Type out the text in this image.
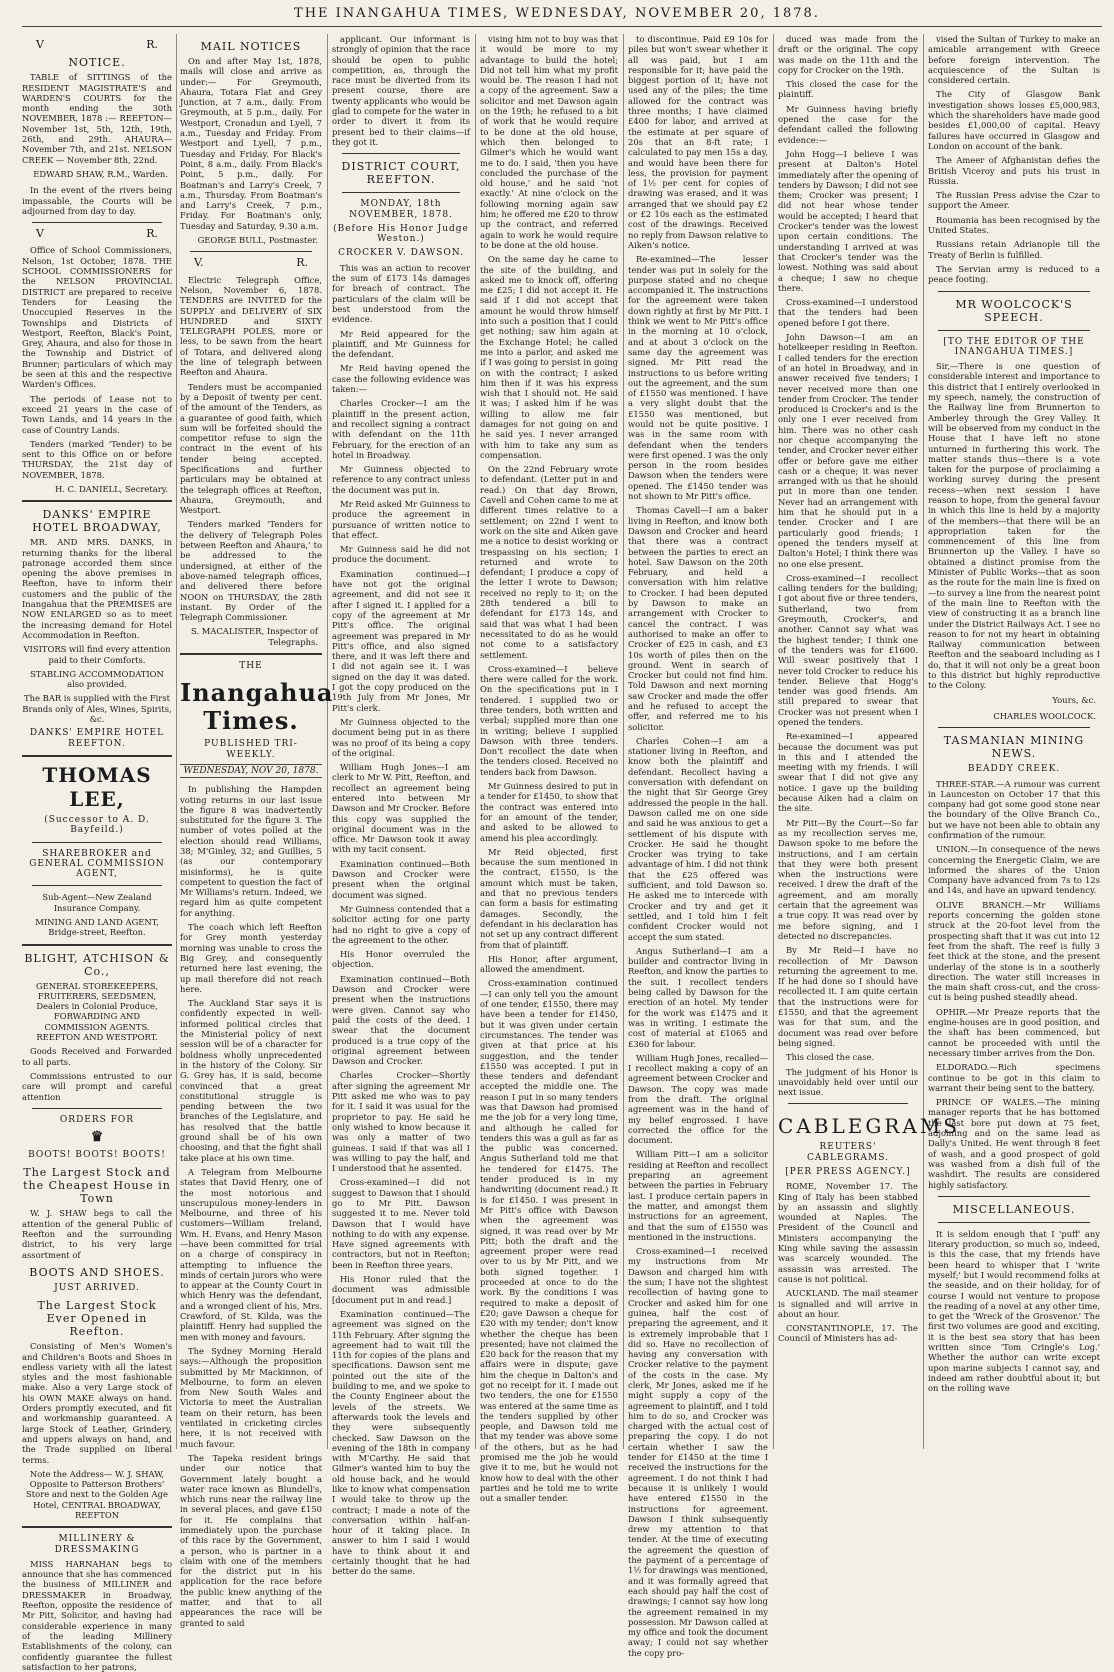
THE INANGAHUA TIMES, WEDNESDAY, NOVEMBER 20, 1878.
V	R.
NOTICE.

TABLE of SITTINGS of the RESIDENT MAGISTRATE'S and WARDEN'S COURTS for the month ending the 30th NOVEMBER, 1878 :— REEFTON—November 1st, 5th, 12th, 19th, 26th, and 29th. AHAURA—November 7th, and 21st. NELSON CREEK — November 8th, 22nd.

EDWARD SHAW, R.M., Warden.

In the event of the rivers being impassable, the Courts will be adjourned from day to day.

V	R.

Office of School Commissioners, Nelson, 1st October, 1878. THE SCHOOL COMMISSIONERS for the NELSON PROVINCIAL DISTRICT are prepared to receive Tenders for Leasing the Unoccupied Reserves in the Townships and Districts of Westport, Reefton, Black's Point, Grey, Ahaura, and also for those in the Township and District of Brunner; particulars of which may be seen at this and the respective Warden's Offices.

The periods of Lease not to exceed 21 years in the case of Town Lands, and 14 years in the case of Country Lands.

Tenders (marked 'Tender) to be sent to this Office on or before THURSDAY, the 21st day of NOVEMBER, 1878.

H. C. DANIELL, Secretary.
DANKS' EMPIRE HOTEL BROADWAY,

MR. AND MRS. DANKS, in returning thanks for the liberal patronage accorded them since opening the above premises in Reefton, have to inform their customers and the public of the Inangahua that the PREMISES are NOW ENLARGED so as to meet the increasing demand for Hotel Accommodation in Reefton.

VISITORS will find every attention paid to their Comforts.

STABLING ACCOMMODATION also provided.

The BAR is supplied with the First Brands only of Ales, Wines, Spirits, &c.

DANKS' EMPIRE HOTEL REEFTON.
THOMAS LEE,
(Successor to A. D. Bayfeild.)
SHAREBROKER and GENERAL COMMISSION AGENT,

Sub-Agent—New Zealand Insurance Company.

MINING AND LAND AGENT, Bridge-street, Reefton.

BLIGHT, ATCHISON & Co.,

GENERAL STOREKEEPERS, FRUITERERS, SEEDSMEN, Dealers in Colonial Produce, FORWARDING AND COMMISSION AGENTS. REEFTON AND WESTPORT.

Goods Received and Forwarded to all parts.

Commissions entrusted to our care will prompt and careful attention

ORDERS FOR
♛
BOOTS! BOOTS! BOOTS!
The Largest Stock and the Cheapest House in Town

W. J. SHAW begs to call the attention of the general Public of Reefton and the surrounding district, to his very large assortment of

BOOTS AND SHOES.
JUST ARRIVED.
The Largest Stock Ever Opened in Reefton.

Consisting of Men's Women's and Children's Boots and Shoes in endless variety with all the latest styles and the most fashionable make. Also a very Large stock of his OWN MAKE always on hand. Orders promptly executed, and fit and workmanship guaranteed. A large Stock of Leather, Grindery, and uppers always on hand, and the Trade supplied on liberal terms.

Note the Address— W. J. SHAW, Opposite to Patterson Brothers' Store and next to the Golden Age Hotel, CENTRAL BROADWAY, REEFTON

MILLINERY & DRESSMAKING

MISS HARNAHAN begs to announce that she has commenced the business of MILLINER and DRESSMAKER in Broadway, Reefton, opposite the residence of Mr Pitt, Solicitor, and having had considerable experience in many of the leading Millinery Establishments of the colony, can confidently guarantee the fullest satisfaction to her patrons,

MAIL NOTICES

On and after May 1st, 1878, mails will close and arrive as under:— For Greymouth, Ahaura, Totara Flat and Grey Junction, at 7 a.m., daily. From Greymouth, at 5 p.m., daily. For Westport, Cronadun and Lyell, 7 a.m., Tuesday and Friday. From Westport and Lyell, 7 p.m., Tuesday and Friday. For Black's Point, 8 a.m., daily. From Black's Point, 5 p.m., daily. For Boatman's and Larry's Creek, 7 a.m., Thursday. From Boatman's and Larry's Creek, 7 p.m., Friday. For Boatman's only, Tuesday and Saturday, 9.30 a.m.

GEORGE BULL, Postmaster.
V.	R.

Electric Telegraph Office, Nelson, November 6, 1878. TENDERS are INVITED for the SUPPLY and DELIVERY of SIX HUNDRED and SIXTY TELEGRAPH POLES, more or less, to be sawn from the heart of Totara, and delivered along the line of telegraph between Reefton and Ahaura.

Tenders must be accompanied by a Deposit of twenty per cent. of the amount of the Tenders, as a guarantee of good faith, which sum will be forfeited should the competitor refuse to sign the contract in the event of his tender being accepted. Specifications and further particulars may be obtained at the telegraph offices at Reefton, Ahaura, Greymouth, and Westport.

Tenders marked 'Tenders for the delivery of Telegraph Poles between Reefton and Ahaura,' to be addressed to the undersigned, at either of the above-named telegraph offices, and delivered there before NOON on THURSDAY, the 28th instant. By Order of the Telegraph Commissioner.

S. MACALISTER, Inspector of Telegraphs.
THE
Inangahua Times.
PUBLISHED TRI-WEEKLY.
WEDNESDAY, NOV 20, 1878.

In publishing the Hampden voting returns in our last issue the figure 8 was inadvertently substituted for the figure 3. The number of votes polled at the election should read Williams, 38; M'Ginley, 32; and Guillies, 5 (as our contemporary misinforms), he is quite competent to question the fact of Mr Williams's return. Indeed, we regard him as quite competent for anything.

The coach which left Reefton for Grey month yesterday morning was unable to cross the Big Grey, and consequently returned here last evening, the up mail therefore did not reach here.

The Auckland Star says it is confidently expected in well-informed political circles that the Ministerial policy of next session will be of a character for boldness wholly unprecedented in the history of the Colony. Sir G. Grey has, it is said, become convinced that a great constitutional struggle is pending between the two branches of the Legislature, and has resolved that the battle ground shall be of his own choosing, and that the fight shall take place at his own time.

A Telegram from Melbourne states that David Henry, one of the most notorious and unscrupulous money-lenders in Melbourne, and three of his customers—William Ireland, Wm. H. Evans, and Henry Mason—have been committed for trial on a charge of conspiracy in attempting to influence the minds of certain jurors who were to appear at the County Court in which Henry was the defendant, and a wronged client of his, Mrs. Crawford, of St. Kilda, was the plaintiff. Henry had supplied the men with money and favours.

The Sydney Morning Herald says:—Although the proposition submitted by Mr Mackinnon, of Melbourne, to form an eleven from New South Wales and Victoria to meet the Australian team on their return, has been ventilated in cricketing circles here, it is not received with much favour.

The Tapeka resident brings under our notice that Government lately bought a water race known as Blundell's, which runs near the railway line in several places, and gave £150 for it. He complains that immediately upon the purchase of this race by the Government, a person, who is partner in a claim with one of the members for the district put in his application for the race before the public knew anything of the matter, and that to all appearances the race will be granted to said

applicant. Our informant is strongly of opinion that the race should be open to public competition, as, through the race must be diverted from its present course, there are twenty applicants who would be glad to compete for the water in order to divert it from its present bed to their claims—if they got it.

DISTRICT COURT, REEFTON.
MONDAY, 18th NOVEMBER, 1878.
(Before His Honor Judge Weston.)
CROCKER V. DAWSON.

This was an action to recover the sum of £173 14s damages for breach of contract. The particulars of the claim will be best understood from the evidence.

Mr Reid appeared for the plaintiff, and Mr Guinness for the defendant.

Mr Reid having opened the case the following evidence was taken:—

Charles Crocker—I am the plaintiff in the present action, and recollect signing a contract with defendant on the 11th February, for the erection of an hotel in Broadway.

Mr Guinness objected to reference to any contract unless the document was put in.

Mr Reid asked Mr Guinness to produce the agreement in pursuance of written notice to that effect.

Mr Guinness said he did not produce the document.

Examination continued—I have not got the original agreement, and did not see it after I signed it. I applied for a copy of the agreement at Mr Pitt's office. The original agreement was prepared in Mr Pitt's office, and also signed there, and it was left there and I did not again see it. I was signed on the day it was dated. I got the copy produced on the 19th July from Mr Jones, Mr Pitt's clerk.

Mr Guinness objected to the document being put in as there was no proof of its being a copy of the original.

William Hugh Jones—I am clerk to Mr W. Pitt, Reefton, and recollect an agreement being entered into between Mr Dawson and Mr Crocker. Before this copy was supplied the original document was in the office. Mr Dawson took it away with my tacit consent.

Examination continued—Both Dawson and Crocker were present when the original document was signed.

Mr Guinness contended that a solicitor acting for one party had no right to give a copy of the agreement to the other.

His Honor overruled the objection.

Examination continued—Both Dawson and Crocker were present when the instructions were given. Cannot say who paid the costs of the deed. I swear that the document produced is a true copy of the original agreement between Dawson and Crocker.

Charles Crocker—Shortly after signing the agreement Mr Pitt asked me who was to pay for it. I said it was usual for the proprietor to pay. He said he only wished to know because it was only a matter of two guineas. I said if that was all I was willing to pay the half, and I understood that he assented.

Cross-examined—I did not suggest to Dawson that I should go to Mr Pitt. Dawson suggested it to me. Never told Dawson that I would have nothing to do with any expense. Have signed agreements with contractors, but not in Reefton; been in Reefton three years.

His Honor ruled that the document was admissible [document put in and read.]

Examination continued—The agreement was signed on the 11th February. After signing the agreement had to wait till the 11th for copies of the plans and specifications. Dawson sent me pointed out the site of the building to me, and we spoke to the County Engineer about the levels of the streets. We afterwards took the levels and they were subsequently checked. Saw Dawson on the evening of the 18th in company with M'Carthy. He said that Gilmer's wanted him to buy the old house back, and he would like to know what compensation I would take to throw up the contract; I made a note of the conversation within half-an-hour of it taking place. In answer to him I said I would have to think about it and certainly thought that he had better do the same.

vising him not to buy was that it would be more to my advantage to build the hotel; Did not tell him what my profit would be. The reason I had not a copy of the agreement. Saw a solicitor and met Dawson again on the 19th; he refused to a bit of work that he would require to be done at the old house, which then belonged to Gilmer's which he would want me to do. I said, 'then you have concluded the purchase of the old house,' and he said 'not exactly.' At nine o'clock on the following morning again saw him; he offered me £20 to throw up the contract, and referred again to work he would require to be done at the old house.

On the same day he came to the site of the building, and asked me to knock off, offering me £25; I did not accept it. He said if I did not accept that amount he would throw himself into such a position that I could get nothing; saw him again at the Exchange Hotel; he called me into a parlor, and asked me if I was going to persist in going on with the contract; I asked him then if it was his express wish that I should not. He said it was; I asked him if he was willing to allow me fair damages for not going on and he said yes. I never arranged with him to take any sum as compensation.

On the 22nd February wrote to defendant. (Letter put in and read.) On that day Brown, Cavell and Cohen came to me at different times relative to a settlement; on 22nd I went to work on the site and Aiken gave me a notice to desist working or trespassing on his section; I returned and wrote to defendant; I produce a copy of the letter I wrote to Dawson; received no reply to it; on the 28th tendered a bill to defendant for £173 14s, and said that was what I had been necessitated to do as he would not come to a satisfactory settlement.

Cross-examined—I believe there were called for the work. On the specifications put in I tendered. I supplied two or three tenders, both written and verbal; supplied more than one in writing; believe I supplied Dawson with three tenders. Don't recollect the date when the tenders closed. Received no tenders back from Dawson.

Mr Guinness desired to put in a tender for £1450, to show that the contract was entered into for an amount of the tender, and asked to be allowed to amend his plea accordingly.

Mr Reid objected, first because the sum mentioned in the contract, £1550, is the amount which must be taken, and that no previous tenders can form a basis for estimating damages. Secondly, the defendant in his declaration has not set up any contract different from that of plaintiff.

His Honor, after argument, allowed the amendment.

Cross-examination continued—I can only tell you the amount of one tender, £1550, there may have been a tender for £1450, but it was given under certain circumstances. The tender was given at that price at his suggestion, and the tender £1550 was accepted. I put in these tenders and defendant accepted the middle one. The reason I put in so many tenders was that Dawson had promised me the job for a very long time, and although he called for tenders this was a gull as far as the public was concerned. Angus Sutherland told me that he tendered for £1475. The tender produced is in my handwriting (document read.) It is for £1450. I was present in Mr Pitt's office with Dawson when the agreement was signed, it was read over by Mr Pitt; both the draft and the agreement proper were read over to us by Mr Pitt, and we both signed together. I proceeded at once to do the work. By the conditions I was required to make a deposit of £20; gave Dawson a cheque for £20 with my tender; don't know whether the cheque has been presented; have not claimed the £20 back for the reason that my affairs were in dispute; gave him the cheque in Dalton's and got no receipt for it. I made out two tenders, the one for £1550 was entered at the same time as the tenders supplied by other people, and Dawson told me that my tender was above some of the others, but as he had promised me the job he would give it to me, but he would not know how to deal with the other parties and he told me to write out a smaller tender.

to discontinue. Paid £9 10s for piles but won't swear whether it all was paid, but I am responsible for it; have paid the biggest portion of it; have not used any of the piles; the time allowed for the contract was three months; I have claimed £400 for labor, and arrived at the estimate at per square of 20s that an 8-ft rate; I calculated to pay men 15s a day, and would have been there for less, the provision for payment of 1½ per cent for copies of drawing was erased, and it was arranged that we should pay £2 or £2 10s each as the estimated cost of the drawings. Received no reply from Dawson relative to Aiken's notice.

Re-examined—The lesser tender was put in solely for the purpose stated and no cheque accompanied it. The instructions for the agreement were taken down rightly at first by Mr Pitt. I think we went to Mr Pitt's office in the morning at 10 o'clock, and at about 3 o'clock on the same day the agreement was signed. Mr Pitt read the instructions to us before writing out the agreement, and the sum of £1550 was mentioned. I have a very slight doubt that the £1550 was mentioned, but would not be quite positive. I was in the same room with defendant when the tenders were first opened. I was the only person in the room besides Dawson when the tenders were opened. The £1450 tender was not shown to Mr Pitt's office.

Thomas Cavell—I am a baker living in Reefton, and know both Dawson and Crocker and heard that there was a contract between the parties to erect an hotel. Saw Dawson on the 20th February, and held a conversation with him relative to Crocker. I had been deputed by Dawson to make an arrangement with Crocker to cancel the contract. I was authorised to make an offer to Crocker of £25 in cash, and £3 10s worth of piles then on the ground. Went in search of Crocker but could not find him. Told Dawson and next morning saw Crocker and made the offer and he refused to accept the offer, and referred me to his solicitor.

Charles Cohen—I am a stationer living in Reefton, and know both the plaintiff and defendant. Recollect having a conversation with defendant on the night that Sir George Grey addressed the people in the hall. Dawson called me on one side and said he was anxious to get a settlement of his dispute with Crocker. He said he thought Crocker was trying to take advantage of him. I did not think that the £25 offered was sufficient, and told Dawson so. He asked me to intercede with Crocker and try and get it settled, and I told him I felt confident Crocker would not accept the sum stated.

Angus Sutherland—I am a builder and contractor living in Reefton, and know the parties to the suit. I recollect tenders being called by Dawson for the erection of an hotel. My tender for the work was £1475 and it was in writing. I estimate the cost of material at £1065 and £360 for labour.

William Hugh Jones, recalled—I recollect making a copy of an agreement between Crocker and Dawson. The copy was made from the draft. The original agreement was in the hand of my belief engrossed. I have corrected the office for the document.

William Pitt—I am a solicitor residing at Reefton and recollect preparing an agreement between the parties in February last. I produce certain papers in the matter, and amongst them instructions for an agreement, and that the sum of £1550 was mentioned in the instructions.

Cross-examined—I received my instructions from Mr Dawson and charged him with the sum; I have not the slightest recollection of having gone to Crocker and asked him for one guinea, half the cost of preparing the agreement, and it is extremely improbable that I did so. Have no recollection of having any conversation with Crocker relative to the payment of the costs in the case. My clerk, Mr Jones, asked me if he might supply a copy of the agreement to plaintiff, and I told him to do so, and Crocker was charged with the actual cost of preparing the copy. I do not certain whether I saw the tender for £1450 at the time I received the instructions for the agreement. I do not think I had because it is unlikely I would have entered £1550 in the instructions for agreement. Dawson I think subsequently drew my attention to that tender. At the time of executing the agreement the question of the payment of a percentage of 1½ for drawings was mentioned, and it was formally agreed that each should pay half the cost of drawings; I cannot say how long the agreement remained in my possession. Mr Dawson called at my office and took the document away; I could not say whether the copy pro-

duced was made from the draft or the original. The copy was made on the 11th and the copy for Crocker on the 19th.

This closed the case for the plaintiff.

Mr Guinness having briefly opened the case for the defendant called the following evidence:—

John Hogg—I believe I was present at Dalton's Hotel immediately after the opening of tenders by Dawson; I did not see them; Crocker was present; I did not hear whose tender would be accepted; I heard that Crocker's tender was the lowest upon certain conditions. The understanding I arrived at was that Crocker's tender was the lowest. Nothing was said about a cheque; I saw no cheque there.

Cross-examined—I understood that the tenders had been opened before I got there.

John Dawson—I am an hotelkeeper residing in Reefton. I called tenders for the erection of an hotel in Broadway, and in answer received five tenders; I never received more than one tender from Crocker. The tender produced is Crocker's and is the only one I ever received from him. There was no other cash nor cheque accompanying the tender, and Crocker never either offer or before gave me either cash or a cheque; it was never arranged with us that he should put in more than one tender. Never had an arrangement with him that he should put in a tender. Crocker and I are particularly good friends; I opened the tenders myself at Dalton's Hotel; I think there was no one else present.

Cross-examined—I recollect calling tenders for the building; I got about five or three tenders, Sutherland, two from Greymouth, Crocker's, and another. Cannot say what was the highest tender; I think one of the tenders was for £1600. Will swear positively that I never told Crocker to reduce his tender. Believe that Hogg's tender was good friends. Am still prepared to swear that Crocker was not present when I opened the tenders.

Re-examined—I appeared because the document was put in this and I attended the meeting with my friends. I will swear that I did not give any notice. I gave up the building because Aiken had a claim on the site.

Mr Pitt—By the Court—So far as my recollection serves me, Dawson spoke to me before the instructions, and I am certain that they were both present when the instructions were received. I drew the draft of the agreement, and am morally certain that the agreement was a true copy. It was read over by me before signing, and I detected no discrepancies.

By Mr Reid—I have no recollection of Mr Dawson returning the agreement to me. If he had done so I should have recollected it. I am quite certain that the instructions were for £1550, and that the agreement was for that sum, and the document was read over before being signed.

This closed the case.

The judgment of his Honor is unavoidably held over until our next issue.

CABLEGRAMS
REUTERS' CABLEGRAMS.
[PER PRESS AGENCY.]

ROME, November 17. The King of Italy has been stabbed by an assassin and slightly wounded at Naples. The President of the Council and Ministers accompanying the King while saving the assassin was scarcely wounded. The assassin was arrested. The cause is not political.

AUCKLAND. The mail steamer is signalled and will arrive in about an hour.

CONSTANTINOPLE, 17. The Council of Ministers has ad-

vised the Sultan of Turkey to make an amicable arrangement with Greece before foreign intervention. The acquiescence of the Sultan is considered certain.

The City of Glasgow Bank investigation shows losses £5,000,983, which the shareholders have made good besides £1,000,00 of capital. Heavy failures have occurred in Glasgow and London on account of the bank.

The Ameer of Afghanistan defies the British Viceroy and puts his trust in Russia.

The Russian Press advise the Czar to support the Ameer.

Roumania has been recognised by the United States.

Russians retain Adrianople till the Treaty of Berlin is fulfilled.

The Servian army is reduced to a peace footing.

MR WOOLCOCK'S SPEECH.
[TO THE EDITOR OF THE INANGAHUA TIMES.]

Sir,—There is one question of considerable interest and importance to this district that I entirely overlooked in my speech, namely, the construction of the Railway line from Brunnerton to Amberley through the Grey Valley. It will be observed from my conduct in the House that I have left no stone unturned in furthering this work. The matter stands thus—there is a vote taken for the purpose of proclaiming a working survey during the present recess—when next session I have reason to hope, from the general favour in which this line is held by a majority of the members—that there will be an appropriation taken for the commencement of this line from Brunnerton up the Valley. I have so obtained a distinct promise from the Minister of Public Works—that as soon as the route for the main line is fixed on—to survey a line from the nearest point of the main line to Reefton with the view of constructing it as a branch line under the District Railways Act. I see no reason to for not my heart in obtaining Railway communication between Reefton and the seaboard including as I do, that it will not only be a great boon to this district but highly reproductive to the Colony.

Yours, &c.
CHARLES WOOLCOCK.
TASMANIAN MINING NEWS.
BEADDY CREEK.

THREE-STAR.—A rumour was current in Launceston on October 17 that this company had got some good stone near the boundary of the Olive Branch Co., but we have not been able to obtain any confirmation of the rumour.

UNION.—In consequence of the news concerning the Energetic Claim, we are informed the shares of the Union Company have advanced from 7s to 12s and 14s, and have an upward tendency.

OLIVE BRANCH.—Mr Williams reports concerning the golden stone struck at the 20-foot level from the prospecting shaft that it was cut into 12 feet from the shaft. The reef is fully 3 feet thick at the stone, and the present underlay of the stone is in a southerly direction. The water still increases in the main shaft cross-cut, and the cross-cut is being pushed steadily ahead.

OPHIR.—Mr Preaze reports that the engine-houses are in good position, and the shaft has been commenced, but cannot be proceeded with until the necessary timber arrives from the Don.

ELDORADO.—Rich specimens continue to be got in this claim to warrant their being sent to the battery.

PRINCE OF WALES.—The mining manager reports that he has bottomed the last bore put down at 75 feet, adjoining and on the same lead as Dally's United. He went through 8 feet of wash, and a good prospect of gold was washed from a dish full of the washdirt. The results are considered highly satisfactory.

MISCELLANEOUS.

It is seldom enough that I 'puff' any literary production, so much so, indeed, is this the case, that my friends have been heard to whisper that I 'write myself;' but I would recommend folks at the seaside, and on their holiday, for of course I would not venture to propose the reading of a novel at any other time, to get the 'Wreck of the Grosvenor.' The first two volumes are good and exciting, it is the best sea story that has been written since 'Tom Cringle's Log.' Whether the author can write except upon marine subjects I cannot say, and indeed am rather doubtful about it; but on the rolling wave
